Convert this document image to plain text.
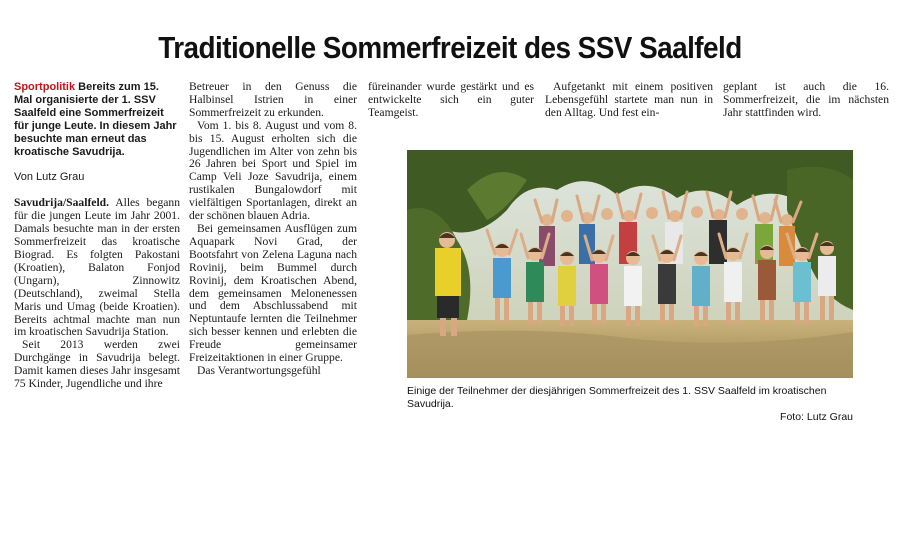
Traditionelle Sommerfreizeit des SSV Saalfeld

Sportpolitik Bereits zum 15. Mal organisierte der 1. SSV Saalfeld eine Sommerfreizeit für junge Leute. In diesem Jahr besuchte man erneut das kroatische Savudrija.

Von Lutz Grau

Savudrija/Saalfeld. Alles begann für die jungen Leute im Jahr 2001. Damals besuchte man in der ersten Sommerfreizeit das kroatische Biograd. Es folgten Pakostani (Kroatien), Balaton Fonjod (Ungarn), Zinnowitz (Deutschland), zweimal Stella Maris und Umag (beide Kroatien). Bereits achtmal machte man nun im kroatischen Savudrija Station.

Seit 2013 werden zwei Durchgänge in Savudrija belegt. Damit kamen dieses Jahr insgesamt 75 Kinder, Jugendliche und ihre

Betreuer in den Genuss die Halbinsel Istrien in einer Sommerfreizeit zu erkunden.

Vom 1. bis 8. August und vom 8. bis 15. August erholten sich die Jugendlichen im Alter von zehn bis 26 Jahren bei Sport und Spiel im Camp Veli Joze Savudrija, einem rustikalen Bungalowdorf mit vielfältigen Sportanlagen, direkt an der schönen blauen Adria.

Bei gemeinsamen Ausflügen zum Aquapark Novi Grad, der Bootsfahrt von Zelena Laguna nach Rovinij, beim Bummel durch Rovinij, dem Kroatischen Abend, dem gemeinsamen Melonenessen und dem Abschlussabend mit Neptuntaufe lernten die Teilnehmer sich besser kennen und erlebten die Freude gemeinsamer Freizeitaktionen in einer Gruppe.

Das Verantwortungsgefühl

füreinander wurde gestärkt und es entwickelte sich ein guter Teamgeist.

Aufgetankt mit einem positiven Lebensgefühl startete man nun in den Alltag. Und fest ein-

geplant ist auch die 16. Sommerfreizeit, die im nächsten Jahr stattfinden wird.

Einige der Teilnehmer der diesjährigen Sommerfreizeit des 1. SSV Saalfeld im kroatischen Savudrija.
Foto: Lutz Grau
